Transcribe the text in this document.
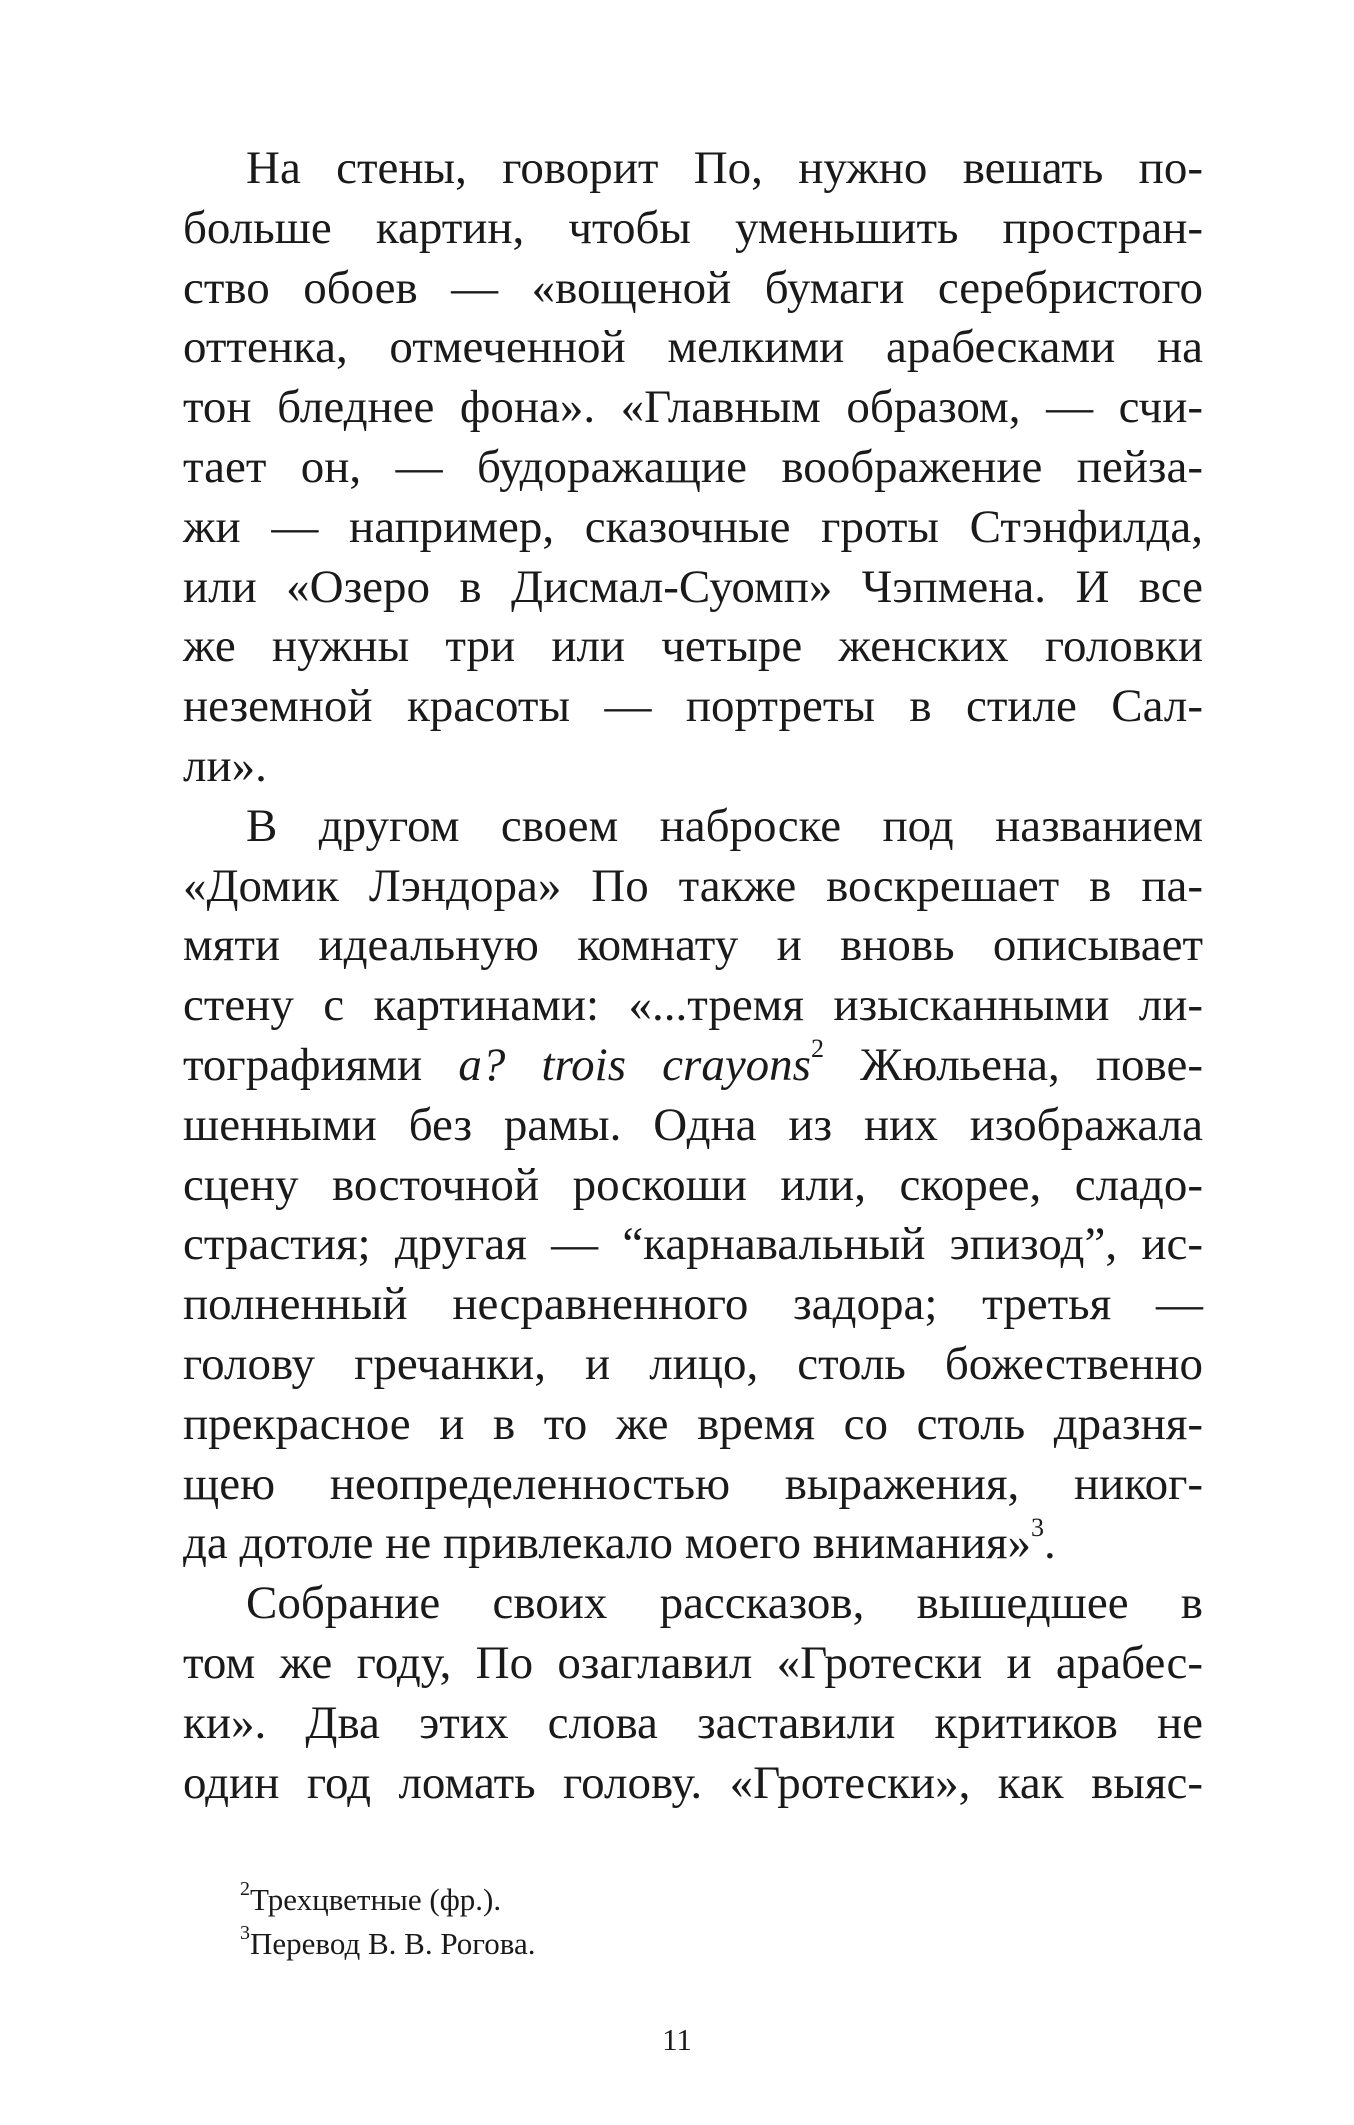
На стены, говорит По, нужно вешать по-
больше картин, чтобы уменьшить простран-
ство обоев — «вощеной бумаги серебристого
оттенка, отмеченной мелкими арабесками на
тон бледнее фона». «Главным образом, — счи-
тает он, — будоражащие воображение пейза-
жи — например, сказочные гроты Стэнфилда,
или «Озеро в Дисмал-Суомп» Чэпмена. И все
же нужны три или четыре женских головки
неземной красоты — портреты в стиле Сал-
ли».
В другом своем наброске под названием
«Домик Лэндора» По также воскрешает в па-
мяти идеальную комнату и вновь описывает
стену с картинами: «...тремя изысканными ли-
тографиями a? trois crayons$^2$ Жюльена, пове-
шенными без рамы. Одна из них изображала
сцену восточной роскоши или, скорее, сладо-
страстия; другая — “карнавальный эпизод”, ис-
полненный несравненного задора; третья —
голову гречанки, и лицо, столь божественно
прекрасное и в то же время со столь дразня-
щею неопределенностью выражения, никог-
да дотоле не привлекало моего внимания»$^3$.
Собрание своих рассказов, вышедшее в
том же году, По озаглавил «Гротески и арабес-
ки». Два этих слова заставили критиков не
один год ломать голову. «Гротески», как выяс-
$^2$Трехцветные (фр.).
$^3$Перевод В. В. Рогова.
11
